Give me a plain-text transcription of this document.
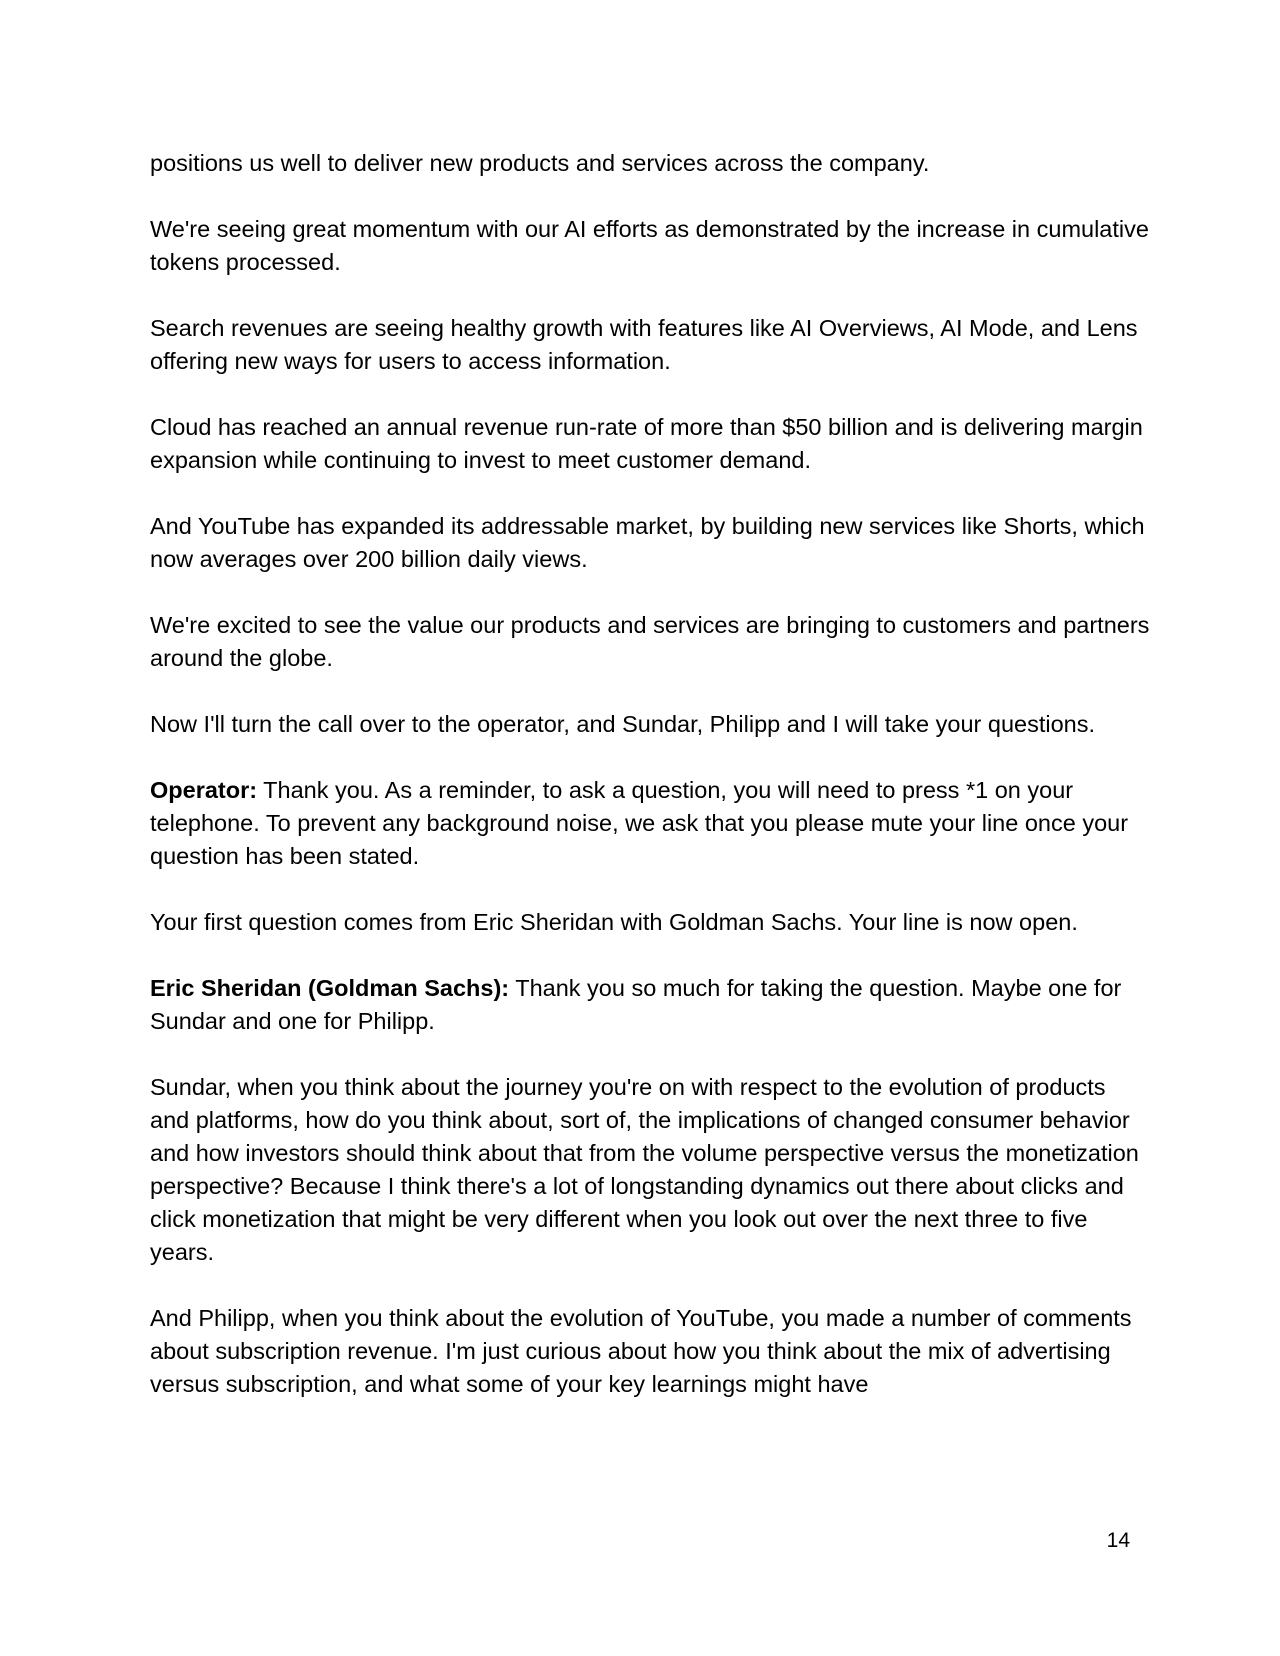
positions us well to deliver new products and services across the company.

We're seeing great momentum with our AI efforts as demonstrated by the increase in cumulative tokens processed.

Search revenues are seeing healthy growth with features like AI Overviews, AI Mode, and Lens offering new ways for users to access information.

Cloud has reached an annual revenue run-rate of more than $50 billion and is delivering margin expansion while continuing to invest to meet customer demand.

And YouTube has expanded its addressable market, by building new services like Shorts, which now averages over 200 billion daily views.

We're excited to see the value our products and services are bringing to customers and partners around the globe.

Now I'll turn the call over to the operator, and Sundar, Philipp and I will take your questions.

Operator: Thank you. As a reminder, to ask a question, you will need to press *1 on your telephone. To prevent any background noise, we ask that you please mute your line once your question has been stated.

Your first question comes from Eric Sheridan with Goldman Sachs. Your line is now open.

Eric Sheridan (Goldman Sachs): Thank you so much for taking the question. Maybe one for Sundar and one for Philipp.

Sundar, when you think about the journey you're on with respect to the evolution of products and platforms, how do you think about, sort of, the implications of changed consumer behavior and how investors should think about that from the volume perspective versus the monetization perspective? Because I think there's a lot of longstanding dynamics out there about clicks and click monetization that might be very different when you look out over the next three to five years.

And Philipp, when you think about the evolution of YouTube, you made a number of comments about subscription revenue. I'm just curious about how you think about the mix of advertising versus subscription, and what some of your key learnings might have

14
